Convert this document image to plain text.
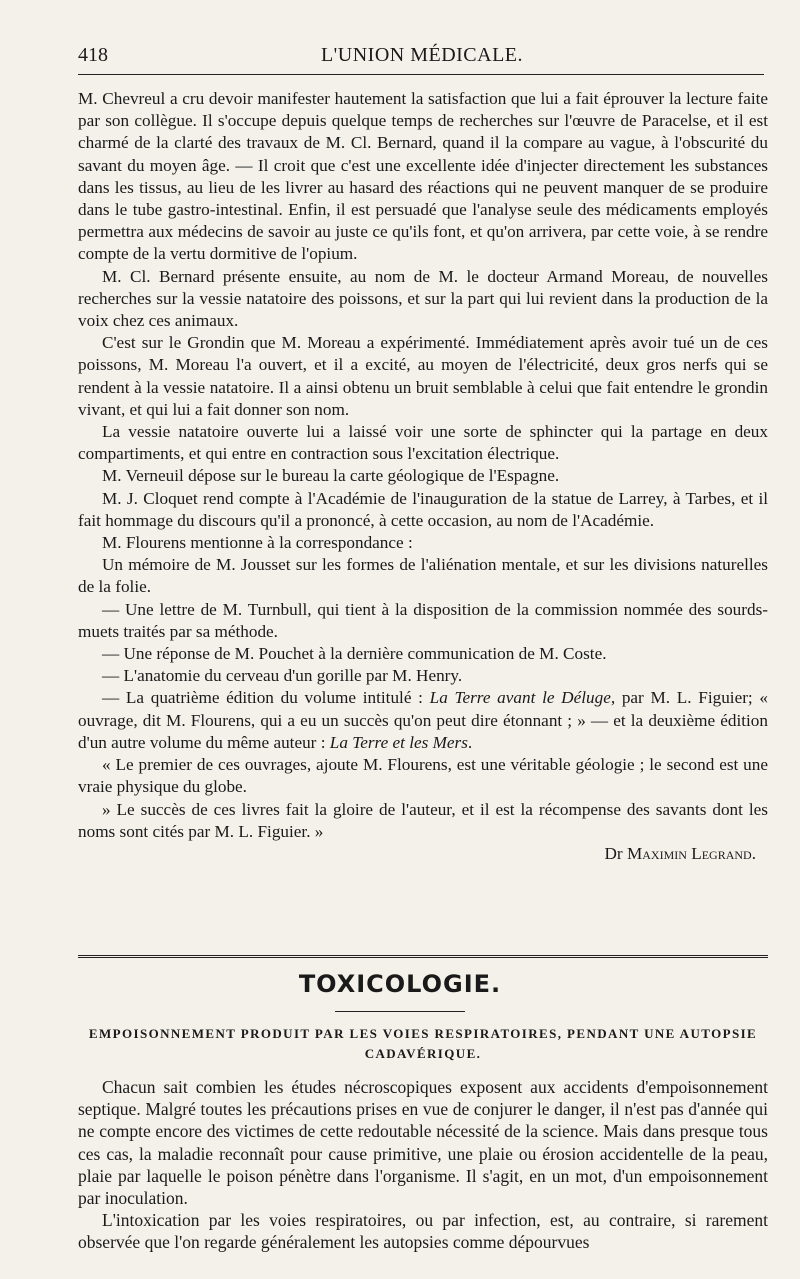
418	L'UNION MÉDICALE.

M. Chevreul a cru devoir manifester hautement la satisfaction que lui a fait éprouver la lecture faite par son collègue. Il s'occupe depuis quelque temps de recherches sur l'œuvre de Paracelse, et il est charmé de la clarté des travaux de M. Cl. Bernard, quand il la compare au vague, à l'obscurité du savant du moyen âge. — Il croit que c'est une excellente idée d'injecter directement les substances dans les tissus, au lieu de les livrer au hasard des réactions qui ne peuvent manquer de se produire dans le tube gastro-intestinal. Enfin, il est persuadé que l'analyse seule des médicaments employés permettra aux médecins de savoir au juste ce qu'ils font, et qu'on arrivera, par cette voie, à se rendre compte de la vertu dormitive de l'opium.

M. Cl. Bernard présente ensuite, au nom de M. le docteur Armand Moreau, de nouvelles recherches sur la vessie natatoire des poissons, et sur la part qui lui revient dans la production de la voix chez ces animaux.

C'est sur le Grondin que M. Moreau a expérimenté. Immédiatement après avoir tué un de ces poissons, M. Moreau l'a ouvert, et il a excité, au moyen de l'électricité, deux gros nerfs qui se rendent à la vessie natatoire. Il a ainsi obtenu un bruit semblable à celui que fait entendre le grondin vivant, et qui lui a fait donner son nom.

La vessie natatoire ouverte lui a laissé voir une sorte de sphincter qui la partage en deux compartiments, et qui entre en contraction sous l'excitation électrique.

M. Verneuil dépose sur le bureau la carte géologique de l'Espagne.

M. J. Cloquet rend compte à l'Académie de l'inauguration de la statue de Larrey, à Tarbes, et il fait hommage du discours qu'il a prononcé, à cette occasion, au nom de l'Académie.

M. Flourens mentionne à la correspondance :

Un mémoire de M. Jousset sur les formes de l'aliénation mentale, et sur les divisions naturelles de la folie.

— Une lettre de M. Turnbull, qui tient à la disposition de la commission nommée des sourds-muets traités par sa méthode.

— Une réponse de M. Pouchet à la dernière communication de M. Coste.

— L'anatomie du cerveau d'un gorille par M. Henry.

— La quatrième édition du volume intitulé : La Terre avant le Déluge, par M. L. Figuier; « ouvrage, dit M. Flourens, qui a eu un succès qu'on peut dire étonnant ; » — et la deuxième édition d'un autre volume du même auteur : La Terre et les Mers.

« Le premier de ces ouvrages, ajoute M. Flourens, est une véritable géologie ; le second est une vraie physique du globe.

» Le succès de ces livres fait la gloire de l'auteur, et il est la récompense des savants dont les noms sont cités par M. L. Figuier. »

Dr Maximin Legrand.

TOXICOLOGIE.
EMPOISONNEMENT PRODUIT PAR LES VOIES RESPIRATOIRES, PENDANT UNE AUTOPSIE CADAVÉRIQUE.

Chacun sait combien les études nécroscopiques exposent aux accidents d'empoisonnement septique. Malgré toutes les précautions prises en vue de conjurer le danger, il n'est pas d'année qui ne compte encore des victimes de cette redoutable nécessité de la science. Mais dans presque tous ces cas, la maladie reconnaît pour cause primitive, une plaie ou érosion accidentelle de la peau, plaie par laquelle le poison pénètre dans l'organisme. Il s'agit, en un mot, d'un empoisonnement par inoculation.

L'intoxication par les voies respiratoires, ou par infection, est, au contraire, si rarement observée que l'on regarde généralement les autopsies comme dépourvues
